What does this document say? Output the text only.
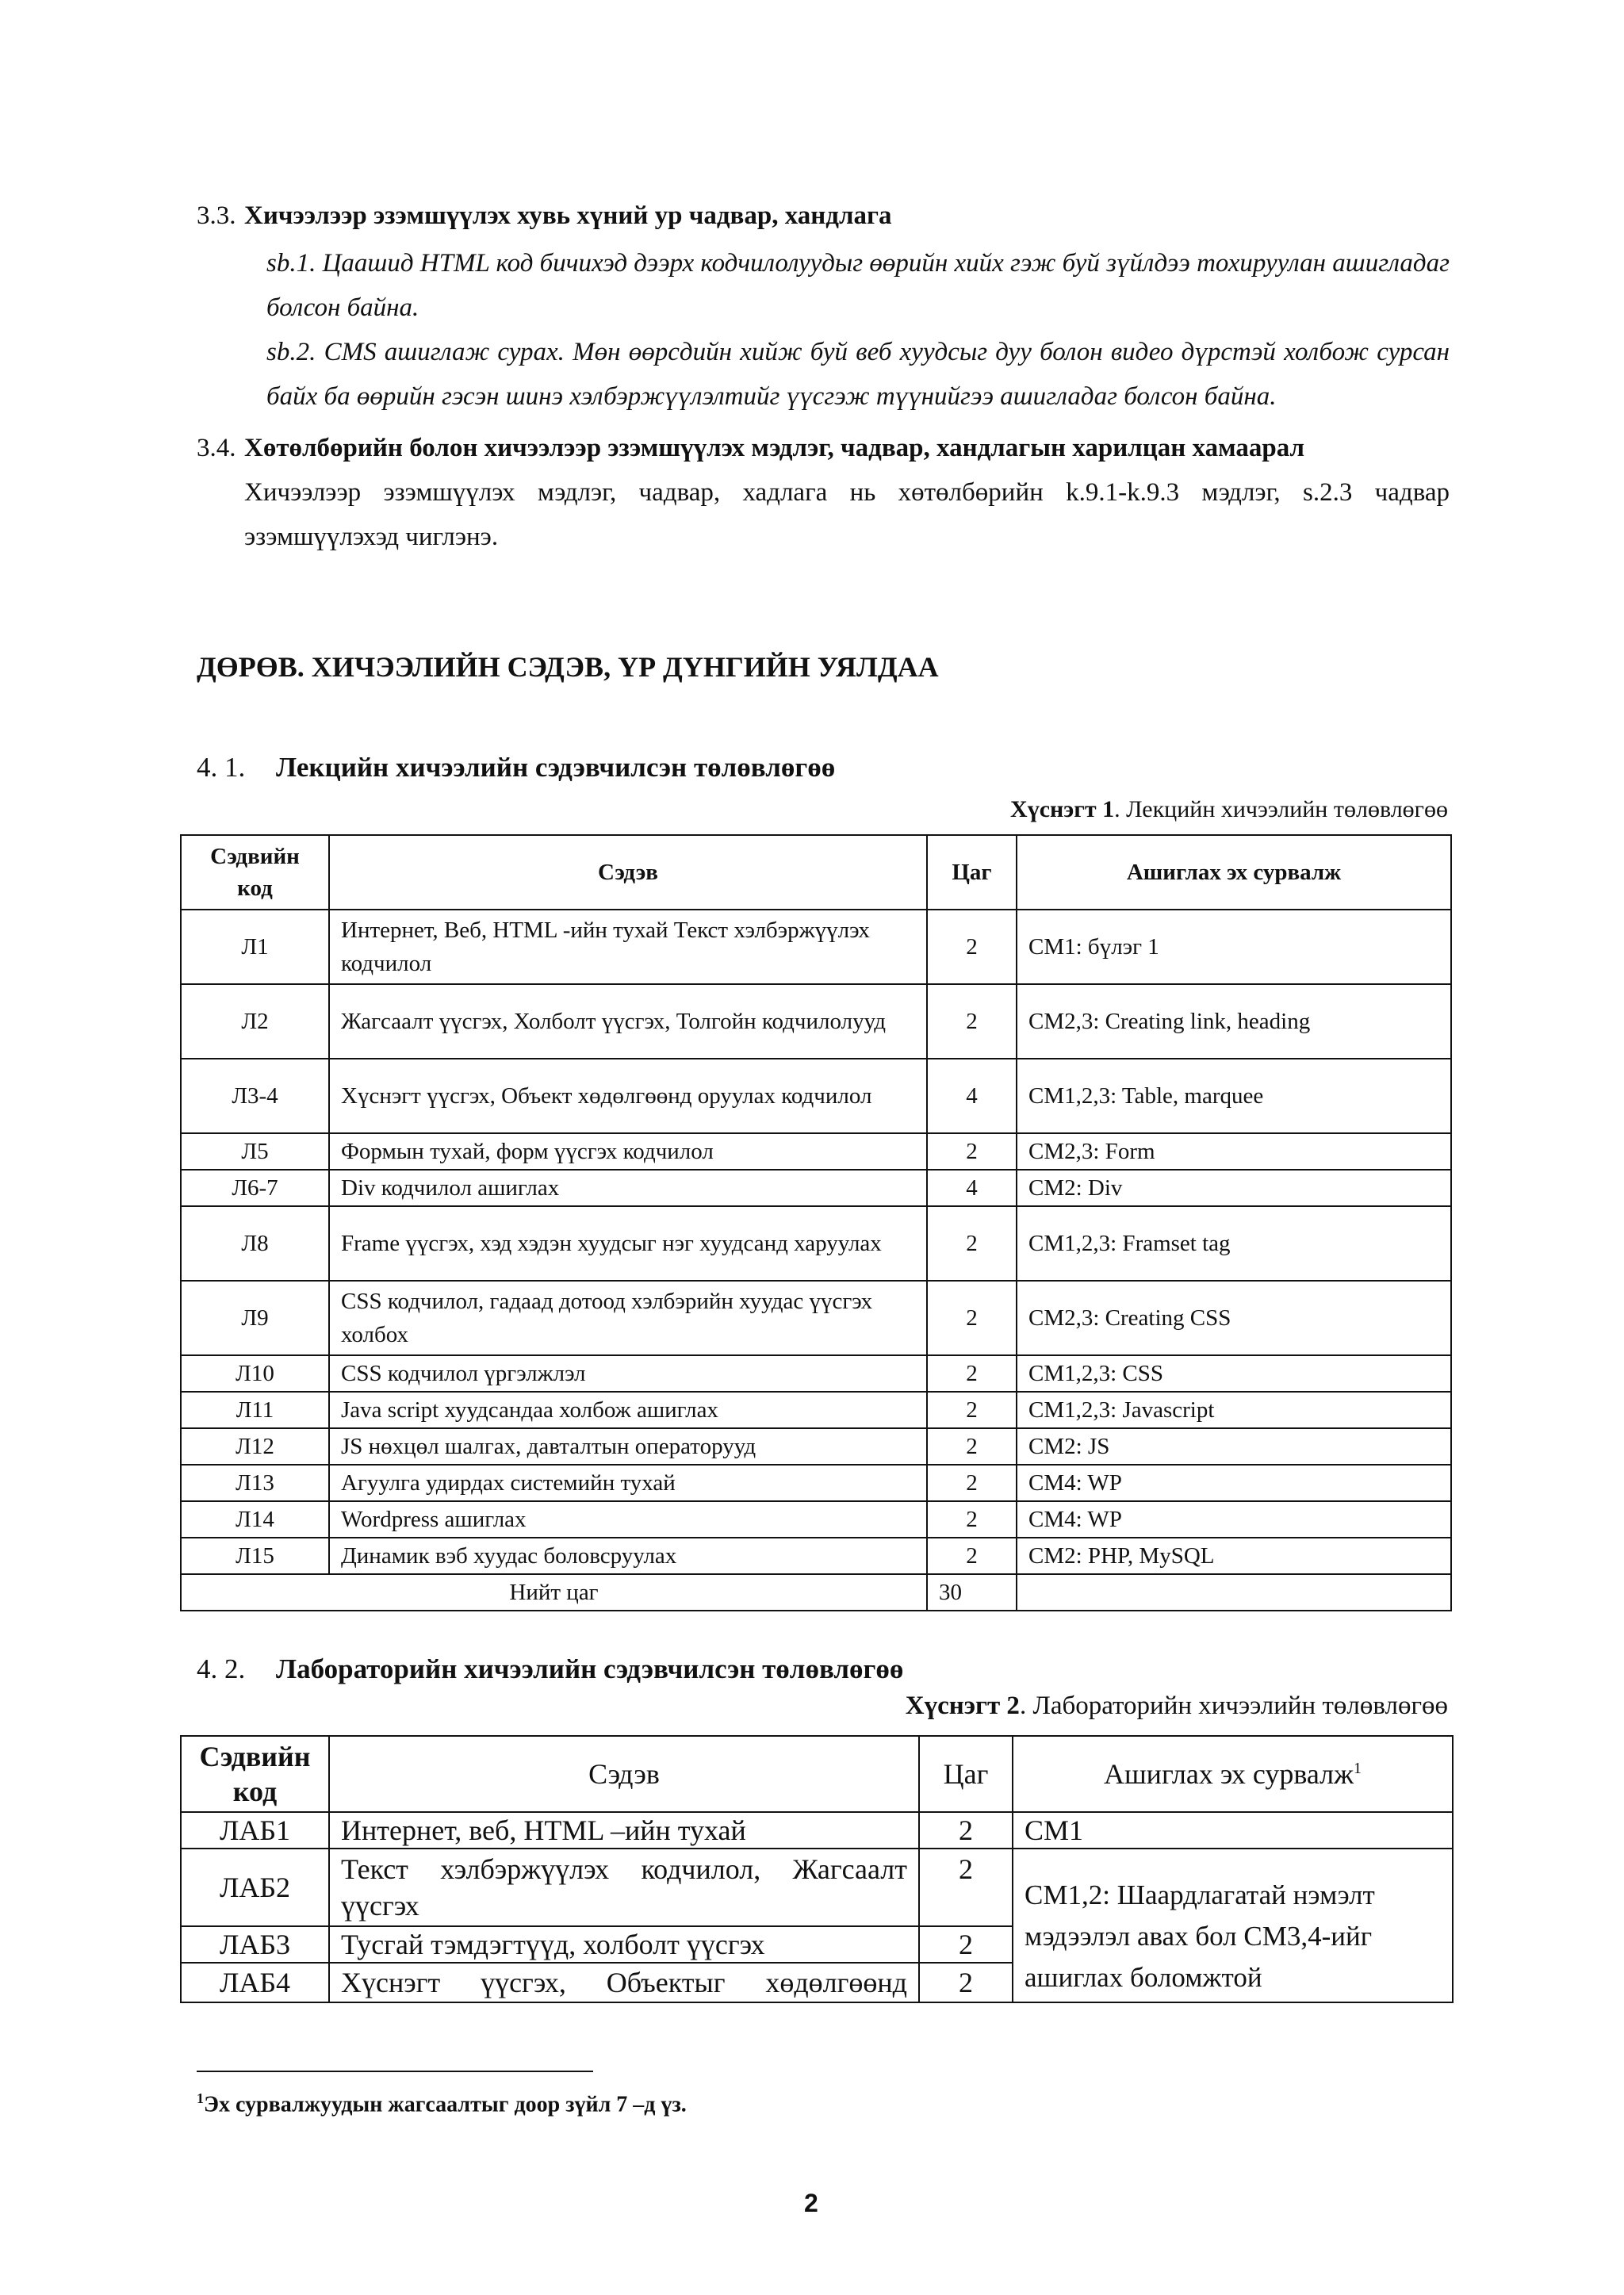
3.3. Хичээлээр эзэмшүүлэх хувь хүний ур чадвар, хандлага
sb.1. Цаашид HTML код бичихэд дээрх кодчилолуудыг өөрийн хийх гэж буй зүйлдээ тохируулан ашигладаг болсон байна.
sb.2. CMS ашиглаж сурах. Мөн өөрсдийн хийж буй веб хуудсыг дуу болон видео дүрстэй холбож сурсан байх ба өөрийн гэсэн шинэ хэлбэржүүлэлтийг үүсгэж түүнийгээ ашигладаг болсон байна.
3.4. Хөтөлбөрийн болон хичээлээр эзэмшүүлэх мэдлэг, чадвар, хандлагын харилцан хамаарал
Хичээлээр эзэмшүүлэх мэдлэг, чадвар, хадлага нь хөтөлбөрийн k.9.1-k.9.3 мэдлэг, s.2.3 чадвар эзэмшүүлэхэд чиглэнэ.
ДӨРӨВ. ХИЧЭЭЛИЙН СЭДЭВ, ҮР ДҮНГИЙН УЯЛДАА
4. 1. Лекцийн хичээлийн сэдэвчилсэн төлөвлөгөө
Хүснэгт 1. Лекцийн хичээлийн төлөвлөгөө
Сэдвийн код	Сэдэв	Цаг	Ашиглах эх сурвалж
Л1	Интернет, Веб, HTML -ийн тухай Текст хэлбэржүүлэх кодчилол	2	CM1: бүлэг 1
Л2	Жагсаалт үүсгэх, Холболт үүсгэх, Толгойн кодчилолууд	2	CM2,3: Creating link, heading
Л3-4	Хүснэгт үүсгэх, Объект хөдөлгөөнд оруулах кодчилол	4	CM1,2,3: Table, marquee
Л5	Формын тухай, форм үүсгэх кодчилол	2	CM2,3: Form
Л6-7	Div кодчилол ашиглах	4	CM2: Div
Л8	Frame үүсгэх, хэд хэдэн хуудсыг нэг хуудсанд харуулах	2	CM1,2,3: Framset tag
Л9	CSS кодчилол, гадаад дотоод хэлбэрийн хуудас үүсгэх холбох	2	CM2,3: Creating CSS
Л10	CSS кодчилол үргэлжлэл	2	CM1,2,3: CSS
Л11	Java script хуудсандаа холбож ашиглах	2	CM1,2,3: Javascript
Л12	JS нөхцөл шалгах, давталтын операторууд	2	CM2: JS
Л13	Агуулга удирдах системийн тухай	2	CM4: WP
Л14	Wordpress ашиглах	2	CM4: WP
Л15	Динамик вэб хуудас боловсруулах	2	CM2: PHP, MySQL
Нийт цаг		30	
4. 2. Лабораторийн хичээлийн сэдэвчилсэн төлөвлөгөө
Хүснэгт 2. Лабораторийн хичээлийн төлөвлөгөө
Сэдвийн код	Сэдэв	Цаг	Ашиглах эх сурвалж$^1$
ЛАБ1	Интернет, веб, HTML –ийн тухай	2	CM1
ЛАБ2	Текст хэлбэржүүлэх кодчилол, Жагсаалт үүсгэх	2	CM1,2: Шаардлагатай нэмэлт мэдээлэл авах бол CM3,4-ийг ашиглах боломжтой
ЛАБ3	Тусгай тэмдэгтүүд, холболт үүсгэх	2	
ЛАБ4	Хүснэгт үүсгэх, Объектыг хөдөлгөөнд	2	
$^1$Эх сурвалжуудын жагсаалтыг доор зүйл 7 –д үз.
2
